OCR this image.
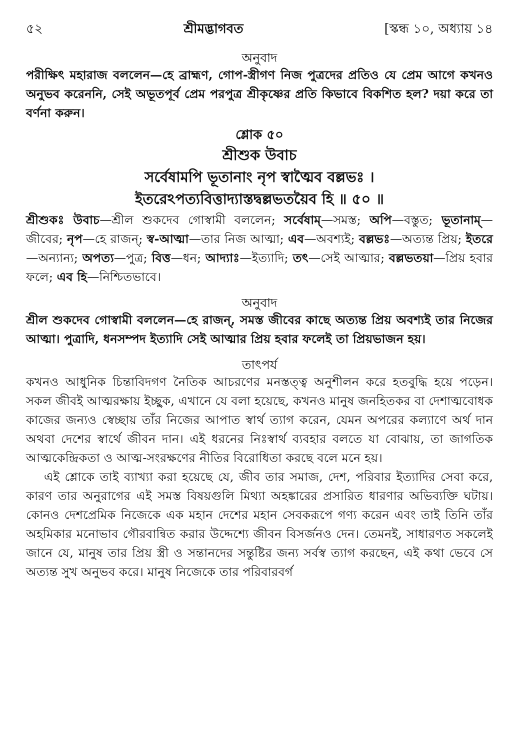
৫২	শ্রীমদ্ভাগবত	[স্কন্ধ ১০, অধ্যায় ১৪
অনুবাদ
পরীক্ষিৎ মহারাজ বললেন—হে ব্রাহ্মণ, গোপ-স্ত্রীগণ নিজ পুত্রদের প্রতিও যে প্রেম আগে কখনও অনুভব করেননি, সেই অভূতপূর্ব প্রেম পরপুত্র শ্রীকৃষ্ণের প্রতি কিভাবে বিকশিত হল? দয়া করে তা বর্ণনা করুন।
শ্লোক ৫০
শ্রীশুক উবাচ
সর্বেষামপি ভূতানাং নৃপ স্বাত্মৈব বল্লভঃ ।
ইতরেঽপত্যবিত্তাদ্যাস্তদ্বল্লভতয়ৈব হি ॥ ৫০ ॥
শ্রীশুকঃ উবাচ—শ্রীল শুকদেব গোস্বামী বললেন; সর্বেষাম্—সমস্ত; অপি—বস্তুত; ভূতানাম্—জীবের; নৃপ—হে রাজন্; স্ব-আত্মা—তার নিজ আত্মা; এব—অবশ্যই; বল্লভঃ—অত্যন্ত প্রিয়; ইতরে—অন্যান্য; অপত্য—পুত্র; বিত্ত—ধন; আদ্যাঃ—ইত্যাদি; তৎ—সেই আত্মার; বল্লভতয়া—প্রিয় হবার ফলে; এব হি—নিশ্চিতভাবে।
অনুবাদ
শ্রীল শুকদেব গোস্বামী বললেন—হে রাজন্, সমস্ত জীবের কাছে অত্যন্ত প্রিয় অবশ্যই তার নিজের আত্মা। পুত্রাদি, ধনসম্পদ ইত্যাদি সেই আত্মার প্রিয় হবার ফলেই তা প্রিয়ভাজন হয়।
তাৎপর্য
কখনও আধুনিক চিন্তাবিদগণ নৈতিক আচরণের মনস্তত্ত্ব অনুশীলন করে হতবুদ্ধি হয়ে পড়েন। সকল জীবই আত্মরক্ষায় ইচ্ছুক, এখানে যে বলা হয়েছে, কখনও মানুষ জনহিতকর বা দেশাত্মবোধক কাজের জন্যও স্বেচ্ছায় তাঁর নিজের আপাত স্বার্থ ত্যাগ করেন, যেমন অপরের কল্যাণে অর্থ দান অথবা দেশের স্বার্থে জীবন দান। এই ধরনের নিঃস্বার্থ ব্যবহার বলতে যা বোঝায়, তা জাগতিক আত্মকেন্দ্রিকতা ও আত্ম-সংরক্ষণের নীতির বিরোধিতা করছে বলে মনে হয়।
এই শ্লোকে তাই ব্যাখ্যা করা হয়েছে যে, জীব তার সমাজ, দেশ, পরিবার ইত্যাদির সেবা করে, কারণ তার অনুরাগের এই সমস্ত বিষয়গুলি মিথ্যা অহঙ্কারের প্রসারিত ধারণার অভিব্যক্তি ঘটায়। কোনও দেশপ্রেমিক নিজেকে এক মহান দেশের মহান সেবকরূপে গণ্য করেন এবং তাই তিনি তাঁর অহমিকার মনোভাব গৌরবান্বিত করার উদ্দেশ্যে জীবন বিসর্জনও দেন। তেমনই, সাধারণত সকলেই জানে যে, মানুষ তার প্রিয় স্ত্রী ও সন্তানদের সন্তুষ্টির জন্য সর্বস্ব ত্যাগ করছেন, এই কথা ভেবে সে অত্যন্ত সুখ অনুভব করে। মানুষ নিজেকে তার পরিবারবর্গ
